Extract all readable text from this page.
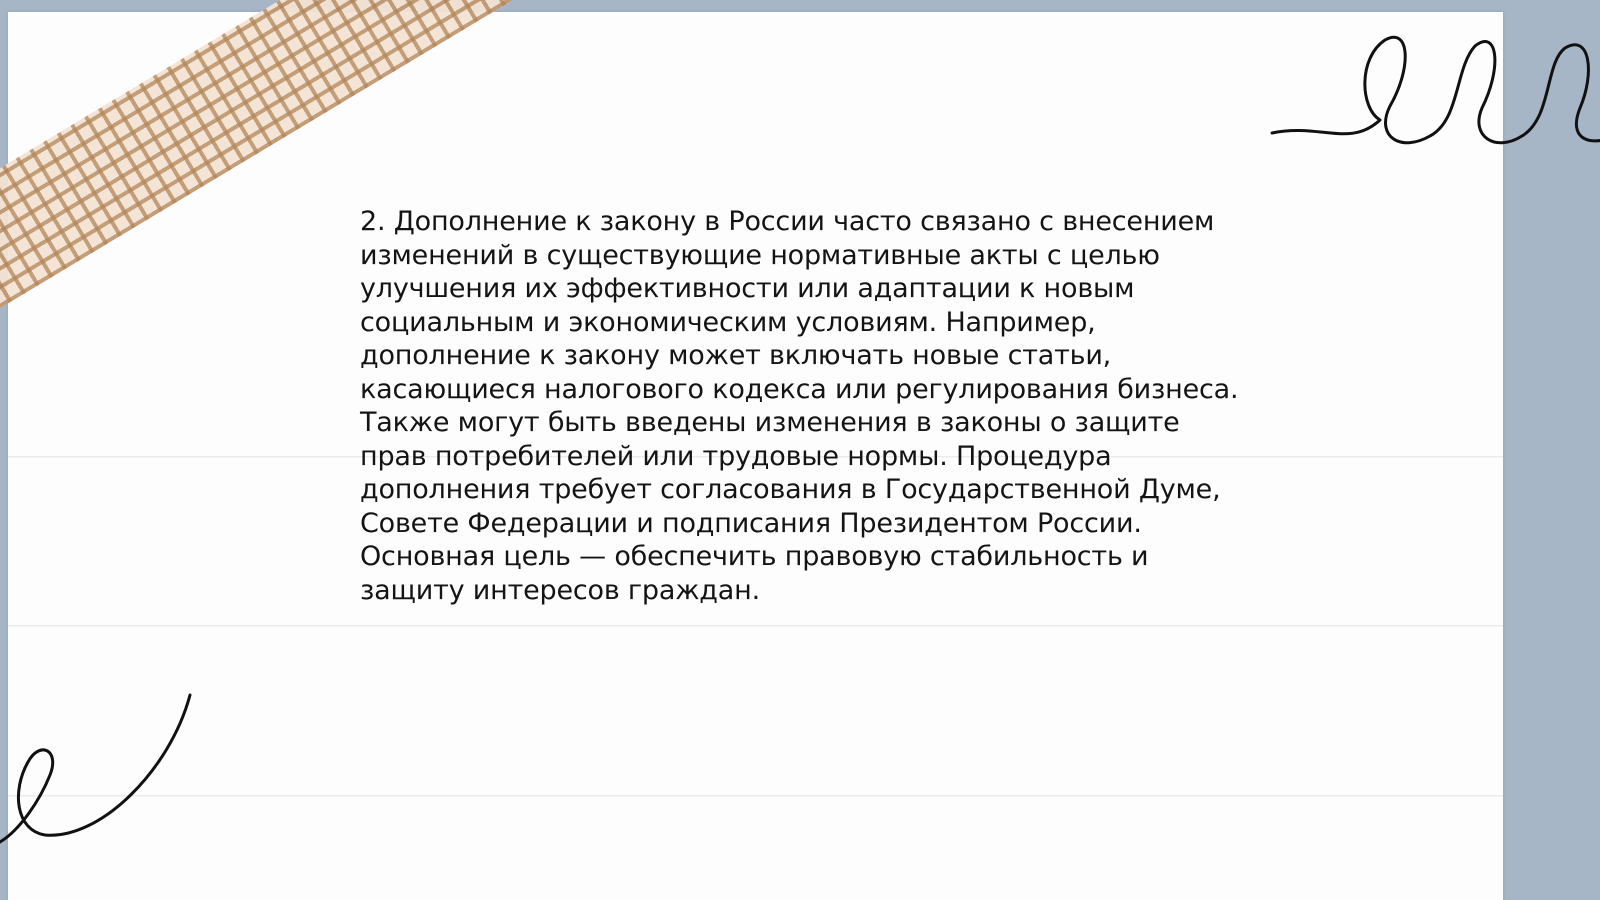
2. Дополнение к закону в России часто связано с внесением изменений в существующие нормативные акты с целью улучшения их эффективности или адаптации к новым социальным и экономическим условиям. Например, дополнение к закону может включать новые статьи, касающиеся налогового кодекса или регулирования бизнеса. Также могут быть введены изменения в законы о защите прав потребителей или трудовые нормы. Процедура дополнения требует согласования в Государственной Думе, Совете Федерации и подписания Президентом России. Основная цель — обеспечить правовую стабильность и защиту интересов граждан.
